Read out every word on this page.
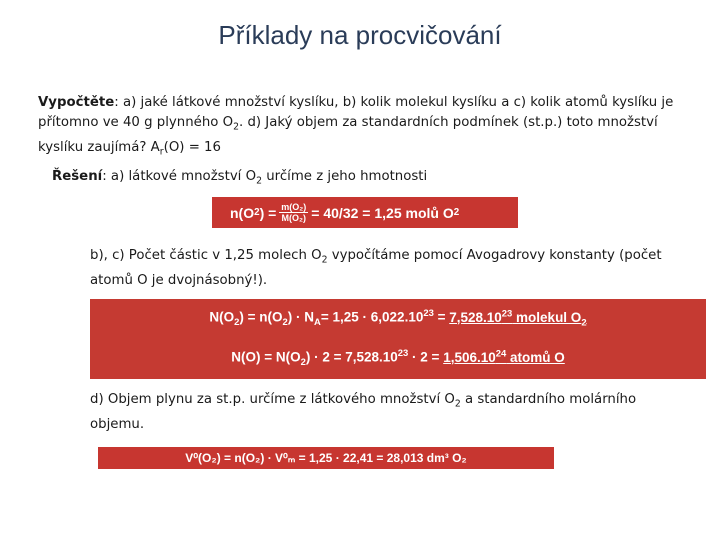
Příklady na procvičování

Vypočtěte: a) jaké látkové množství kyslíku, b) kolik molekul kyslíku a c) kolik atomů kyslíku je přítomno ve 40 g plynného $O_2$. d) Jaký objem za standardních podmínek (st.p.) toto množství kyslíku zaujímá? $A_r(O) = 16$

Řešení: a) látkové množství $O_2$ určíme z jeho hmotnosti

n(O 2 ) = $\frac{\text{m(O₂)}}{\text{M(O₂)}} = 40/32 = 1,25$ molů O 2

b), c) Počet částic v 1,25 molech $O_2$ vypočítáme pomocí Avogadrovy konstanty (počet atomů O je dvojnásobný!).

$N(O_2) = n(O_2) \cdot N_A= 1,25 \cdot 6,022.10^{23} = 7,528.10^{23}$ molekul $O_2$
$N(O) = N(O_2) \cdot 2 = 7,528.10^{23} \cdot 2 = 1,506.10^{24}$ atomů O

d) Objem plynu za st.p. určíme z látkového množství $O_2$ a standardního molárního objemu.

V⁰(O₂) = n(O₂) · V⁰ₘ = 1,25 · 22,41 = 28,013 dm³ O₂
